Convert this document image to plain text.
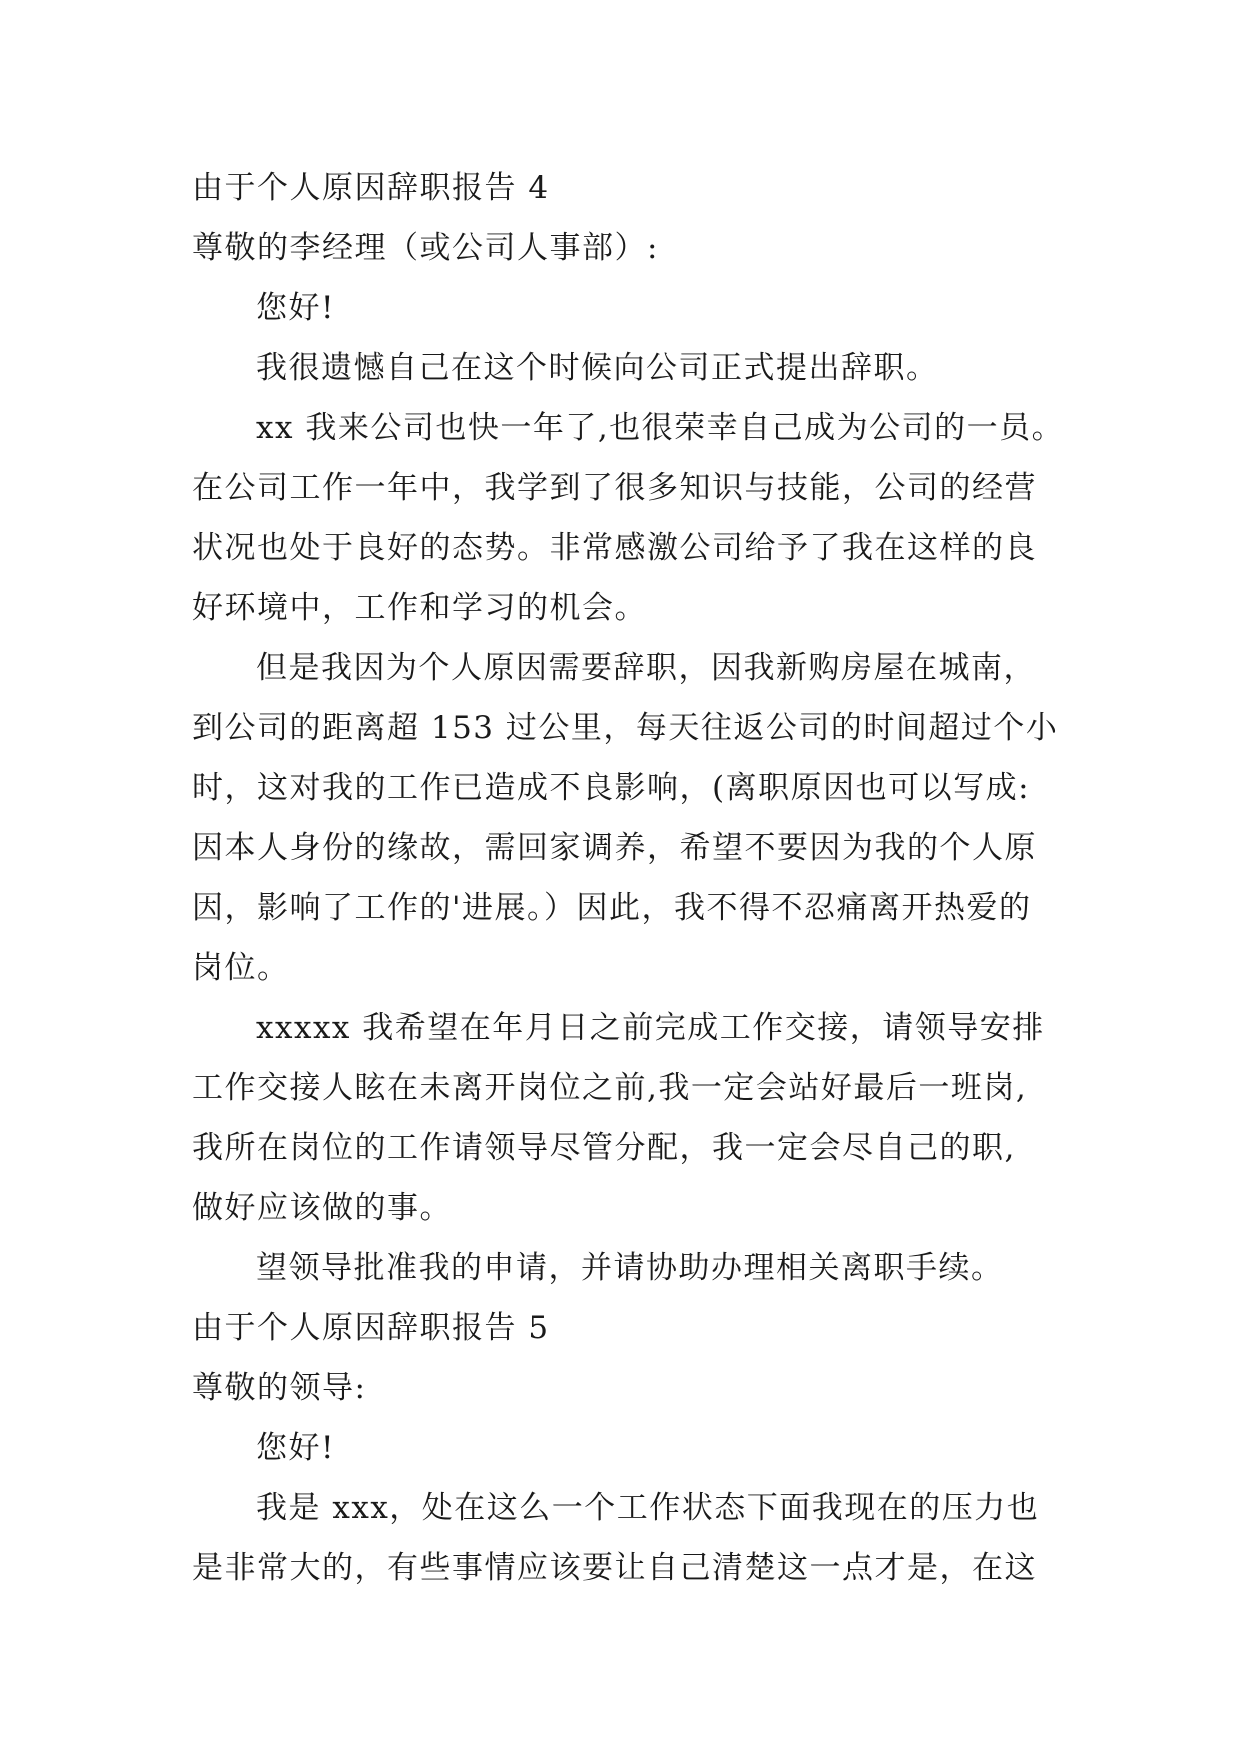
由于个人原因辞职报告 4

尊敬的李经理（或公司人事部）:

您好!

我很遗憾自己在这个时候向公司正式提出辞职。

xx 我来公司也快一年了,也很荣幸自己成为公司的一员。

在公司工作一年中，我学到了很多知识与技能，公司的经营

状况也处于良好的态势。非常感激公司给予了我在这样的良

好环境中，工作和学习的机会。

但是我因为个人原因需要辞职，因我新购房屋在城南，

到公司的距离超 153 过公里，每天往返公司的时间超过个小

时，这对我的工作已造成不良影响，(离职原因也可以写成:

因本人身份的缘故，需回家调养，希望不要因为我的个人原

因，影响了工作的'进展。）因此，我不得不忍痛离开热爱的

岗位。

xxxxx 我希望在年月日之前完成工作交接，请领导安排

工作交接人眩在未离开岗位之前,我一定会站好最后一班岗,

我所在岗位的工作请领导尽管分配，我一定会尽自己的职,

做好应该做的事。

望领导批准我的申请，并请协助办理相关离职手续。

由于个人原因辞职报告 5

尊敬的领导:

您好!

我是 xxx，处在这么一个工作状态下面我现在的压力也

是非常大的，有些事情应该要让自己清楚这一点才是，在这
